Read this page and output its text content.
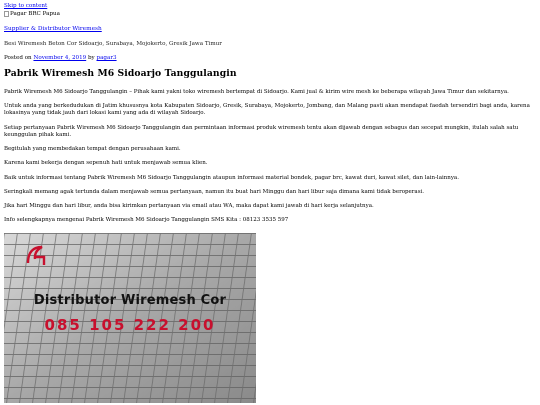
Skip to content
Pagar BRC Papua
Supplier & Distributor Wiremesh
Besi Wiremesh Beton Cor Sidoarjo, Surabaya, Mojokerto, Gresik Jawa Timur
Posted on November 4, 2019 by pagar3
Pabrik Wiremesh M6 Sidoarjo Tanggulangin

Pabrik Wiremesh M6 Sidoarjo Tanggulangin – Pihak kami yakni toko wiremesh bertempat di Sidoarjo. Kami jual & kirim wire mesh ke beberapa wilayah Jawa Timur dan sekitarnya.

Untuk anda yang berkedudukan di Jatim khususnya kota Kabupaten Sidoarjo, Gresik, Surabaya, Mojokerto, Jombang, dan Malang pasti akan mendapat faedah tersendiri bagi anda, karena lokasinya yang tidak jauh dari lokasi kami yang ada di wilayah Sidoarjo.

Setiap pertanyaan Pabrik Wiremesh M6 Sidoarjo Tanggulangin dan permintaan informasi produk wiremesh tentu akan dijawab dengan sebagus dan secepat mungkin, itulah salah satu keunggulan pihak kami.

Begitulah yang membedakan tempat dengan perusahaan kami.

Karena kami bekerja dengan sepenuh hati untuk menjawab semua klien.

Baik untuk informasi tentang Pabrik Wiremesh M6 Sidoarjo Tanggulangin ataupun informasi material bondek, pagar brc, kawat duri, kawat silet, dan lain-lainnya.

Seringkali memang agak tertunda dalam menjawab semua pertanyaan, namun itu buat hari Minggu dan hari libur saja dimana kami tidak beroperasi.

Jika hari Minggu dan hari libur, anda bisa kirimkan pertanyaan via email atau WA, maka dapat kami jawab di hari kerja selanjutnya.

Info selengkapnya mengenai Pabrik Wiremesh M6 Sidoarjo Tanggulangin SMS Kita : 08123 3535 597

Distributor Wiremesh Cor
085 105 222 200
